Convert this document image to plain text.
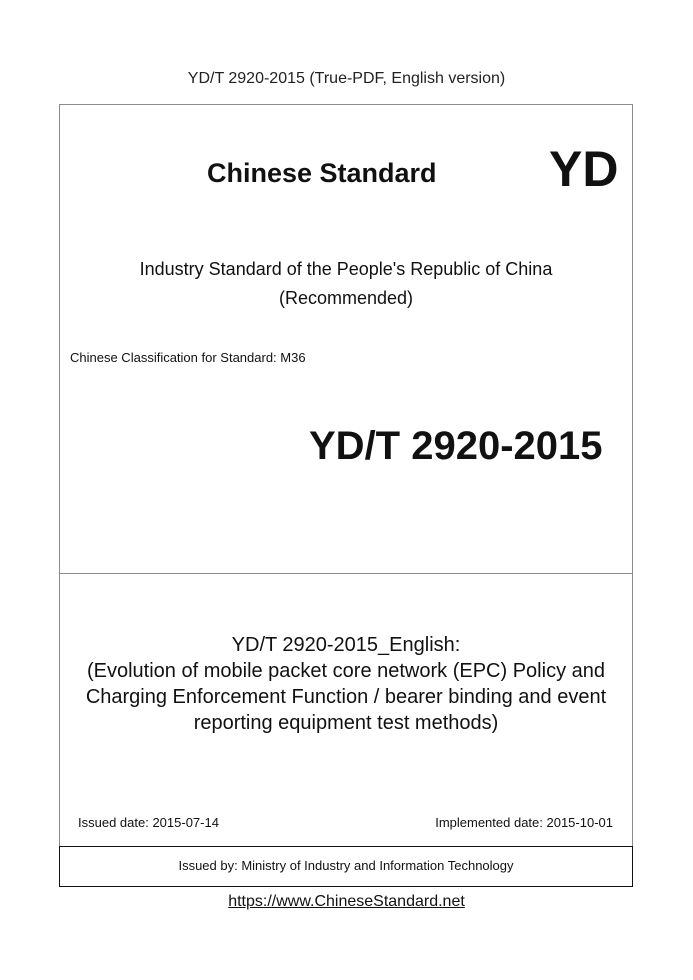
YD/T 2920-2015 (True-PDF, English version)
Chinese Standard YD
Industry Standard of the People's Republic of China
(Recommended)
Chinese Classification for Standard: M36
YD/T 2920-2015
YD/T 2920-2015_English:
(Evolution of mobile packet core network (EPC) Policy and
Charging Enforcement Function / bearer binding and event
reporting equipment test methods)
Issued date: 2015-07-14	Implemented date: 2015-10-01
Issued by: Ministry of Industry and Information Technology
https://www.ChineseStandard.net
